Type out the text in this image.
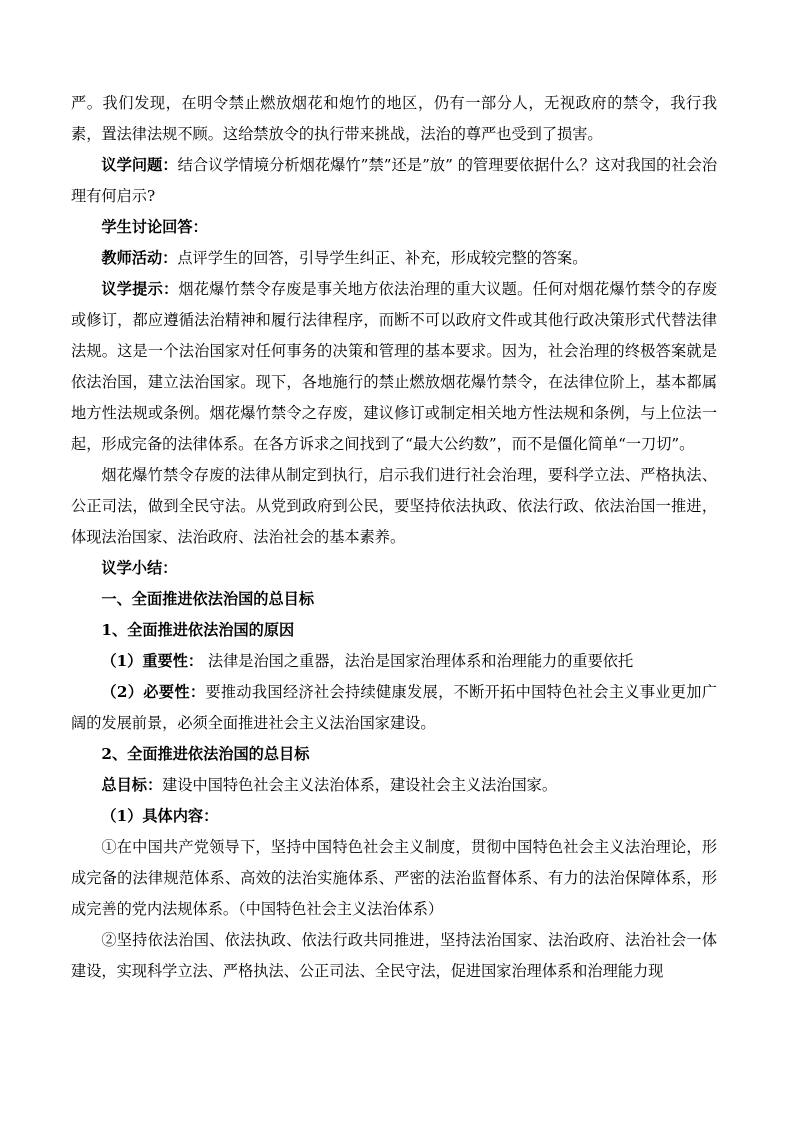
严。我们发现，在明令禁止燃放烟花和炮竹的地区，仍有一部分人，无视政府的禁令，我行我素，置法律法规不顾。这给禁放令的执行带来挑战，法治的尊严也受到了损害。

议学问题：结合议学情境分析烟花爆竹”禁”还是”放” 的管理要依据什么？这对我国的社会治理有何启示?

学生讨论回答：

教师活动：点评学生的回答，引导学生纠正、补充，形成较完整的答案。

议学提示：烟花爆竹禁令存废是事关地方依法治理的重大议题。任何对烟花爆竹禁令的存废或修订，都应遵循法治精神和履行法律程序，而断不可以政府文件或其他行政决策形式代替法律法规。这是一个法治国家对任何事务的决策和管理的基本要求。因为，社会治理的终极答案就是依法治国，建立法治国家。现下，各地施行的禁止燃放烟花爆竹禁令，在法律位阶上，基本都属地方性法规或条例。烟花爆竹禁令之存废，建议修订或制定相关地方性法规和条例，与上位法一起，形成完备的法律体系。在各方诉求之间找到了“最大公约数”，而不是僵化简单“一刀切”。

烟花爆竹禁令存废的法律从制定到执行，启示我们进行社会治理，要科学立法、严格执法、公正司法，做到全民守法。从党到政府到公民，要坚持依法执政、依法行政、依法治国一推进，体现法治国家、法治政府、法治社会的基本素养。

议学小结：

一、全面推进依法治国的总目标

1、全面推进依法治国的原因

（1）重要性： 法律是治国之重器，法治是国家治理体系和治理能力的重要依托

（2）必要性：要推动我国经济社会持续健康发展，不断开拓中国特色社会主义事业更加广阔的发展前景，必须全面推进社会主义法治国家建设。

2、全面推进依法治国的总目标

总目标：建设中国特色社会主义法治体系，建设社会主义法治国家。

（1）具体内容：

①在中国共产党领导下，坚持中国特色社会主义制度，贯彻中国特色社会主义法治理论，形成完备的法律规范体系、高效的法治实施体系、严密的法治监督体系、有力的法治保障体系，形成完善的党内法规体系。（中国特色社会主义法治体系）

②坚持依法治国、依法执政、依法行政共同推进，坚持法治国家、法治政府、法治社会一体建设，实现科学立法、严格执法、公正司法、全民守法，促进国家治理体系和治理能力现
